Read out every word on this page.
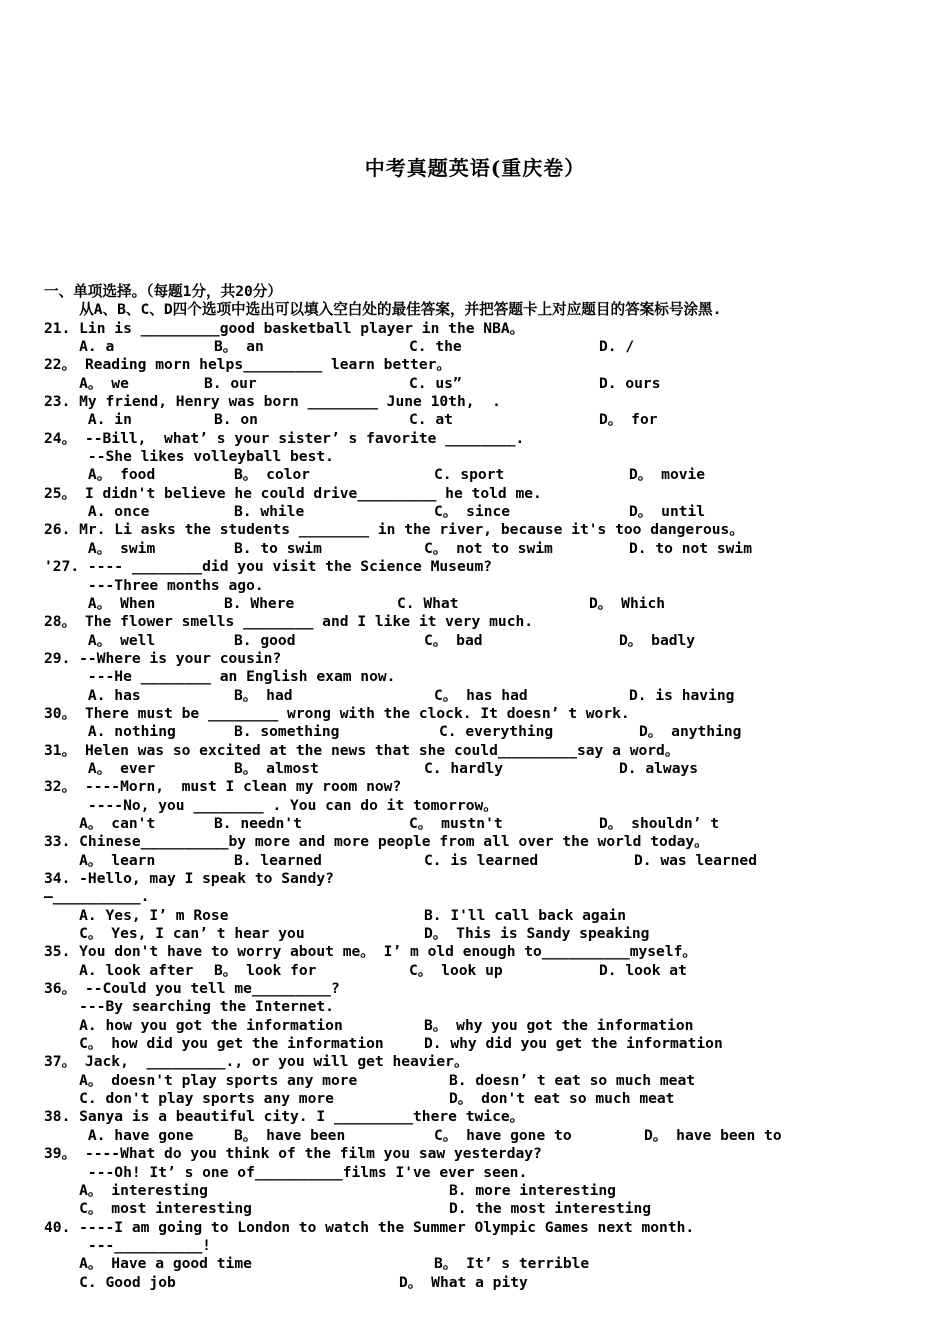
中考真题英语(重庆卷）
一、单项选择。（每题1分，共20分）
从A、B、C、D四个选项中选出可以填入空白处的最佳答案，并把答题卡上对应题目的答案标号涂黑.
21. Lin is _________good basketball player in the NBA。
A. a	B。 an	C. the	D. /
22。 Reading morn helps_________ learn better。
A。 we	B. our	C. us”	D. ours
23. My friend, Henry was born ________ June 10th,  .
A. in	B. on	C. at	D。 for
24。 --Bill,  what’ s your sister’ s favorite ________.
--She likes volleyball best.
A。 food	B。 color	C. sport	D。 movie
25。 I didn't believe he could drive_________ he told me.
A. once	B. while	C。 since	D。 until
26. Mr. Li asks the students ________ in the river, because it's too dangerous。
A。 swim	B. to swim	C。 not to swim	D. to not swim
'27. ---- ________did you visit the Science Museum?
---Three months ago.
A。 When	B. Where	C. What	D。 Which
28。 The flower smells ________ and I like it very much.
A。 well	B. good	C。 bad	D。 badly
29. --Where is your cousin?
---He ________ an English exam now.
A. has	B。 had	C。 has had	D. is having
30。 There must be ________ wrong with the clock. It doesn’ t work.
A. nothing	B. something	C. everything	D。 anything
31。 Helen was so excited at the news that she could_________say a word。
A。 ever	B。 almost	C. hardly	D. always
32。 ----Morn,  must I clean my room now?
----No, you ________ . You can do it tomorrow。
A。 can't	B. needn't	C。 mustn't	D。 shouldn’ t
33. Chinese__________by more and more people from all over the world today。
A。 learn	B. learned	C. is learned	D. was learned
34. -Hello, may I speak to Sandy?
—__________.
A. Yes, I’ m Rose	B. I'll call back again
C。 Yes, I can’ t hear you	D。 This is Sandy speaking
35. You don't have to worry about me。 I’ m old enough to__________myself。
A. look after B。 look for	C。 look up	D. look at
36。 --Could you tell me_________?
---By searching the Internet.
A. how you got the information	B。 why you got the information
C。 how did you get the information	D. why did you get the information
37。 Jack,  _________., or you will get heavier。
A。 doesn't play sports any more	B. doesn’ t eat so much meat
C. don't play sports any more	D。 don't eat so much meat
38. Sanya is a beautiful city. I _________there twice。
A. have gone	B。 have been	C。 have gone to	D。 have been to
39。 ----What do you think of the film you saw yesterday?
---Oh! It’ s one of__________films I've ever seen.
A。 interesting	B. more interesting
C。 most interesting	D. the most interesting
40. ----I am going to London to watch the Summer Olympic Games next month.
---__________!
A。 Have a good time	B。 It’ s terrible
C. Good job	D。 What a pity
